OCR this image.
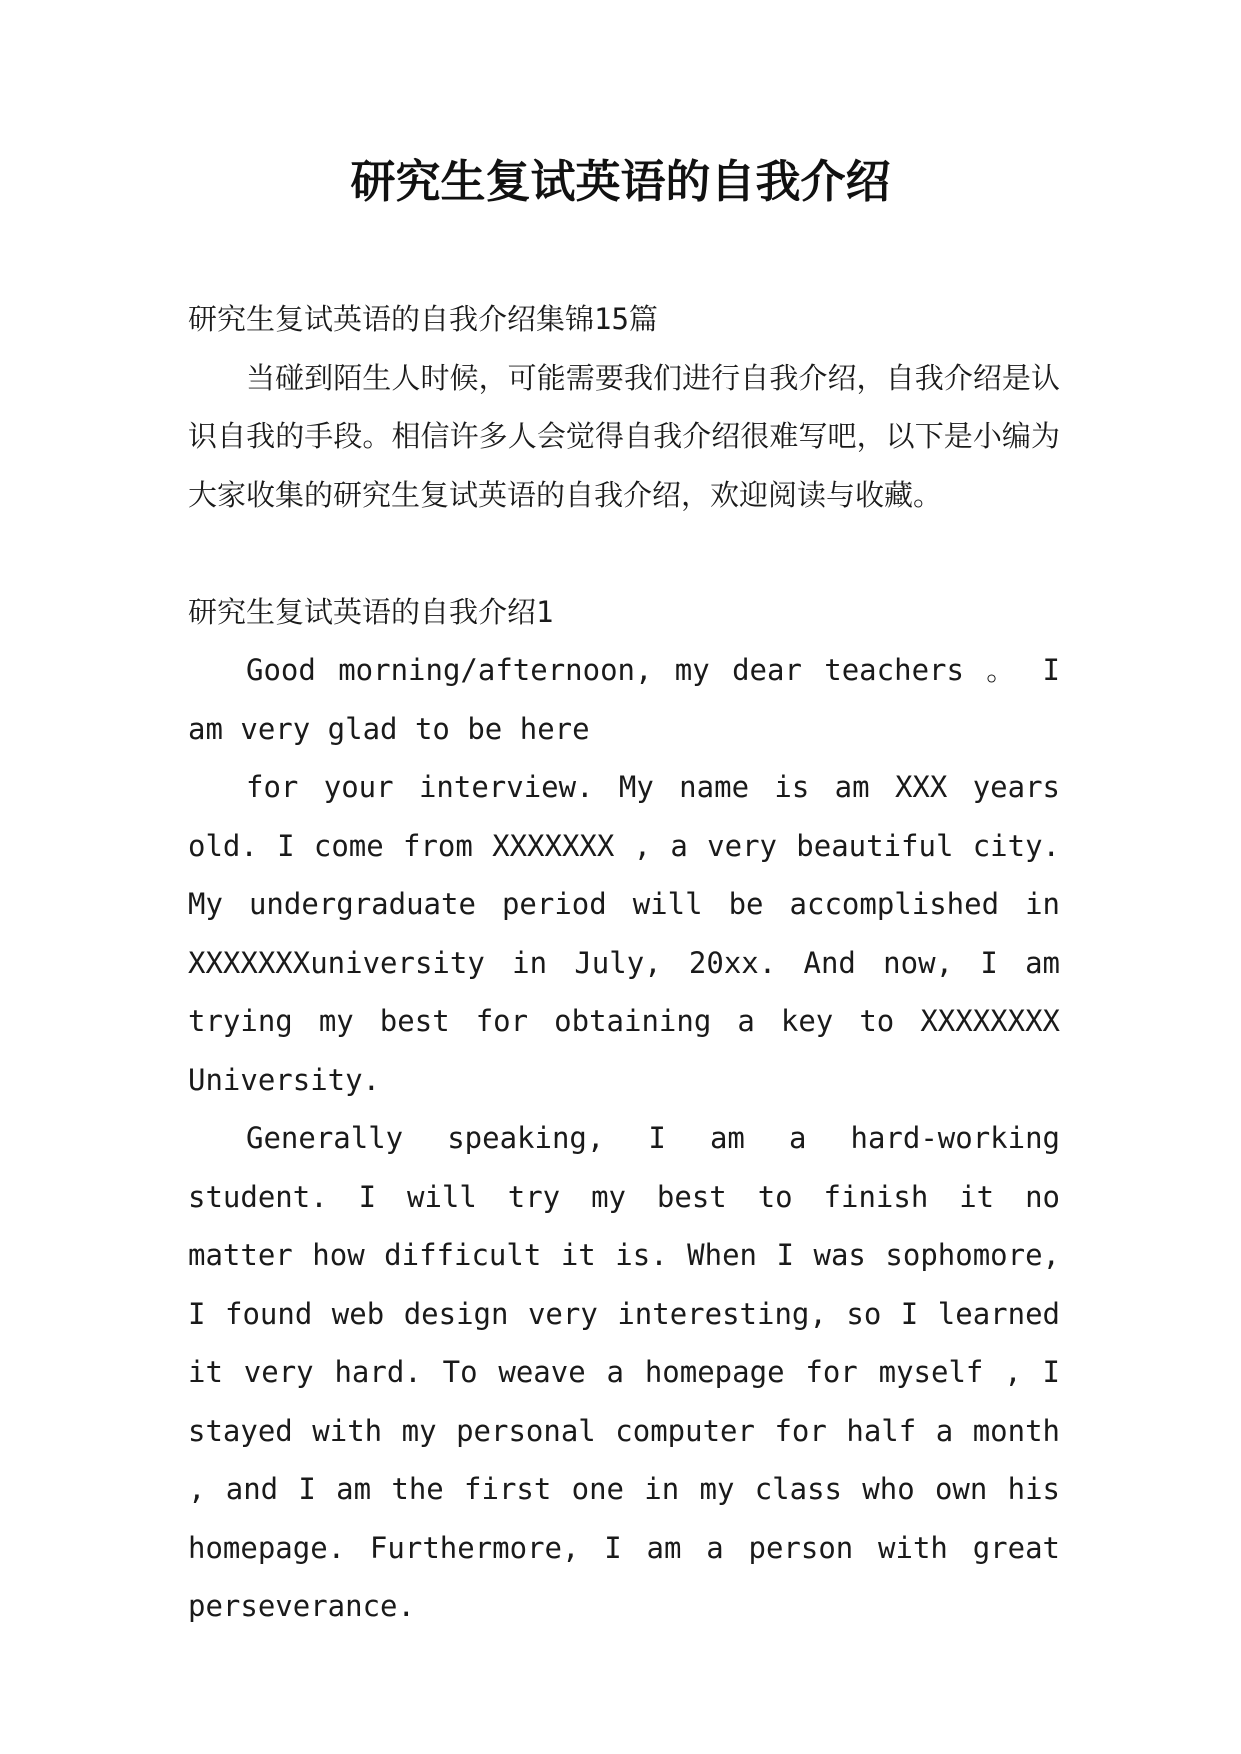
研究生复试英语的自我介绍

研究生复试英语的自我介绍集锦15篇

当碰到陌生人时候，可能需要我们进行自我介绍，自我介绍是认识自我的手段。相信许多人会觉得自我介绍很难写吧，以下是小编为大家收集的研究生复试英语的自我介绍，欢迎阅读与收藏。

研究生复试英语的自我介绍1

Good morning/afternoon, my dear teachers 。 I am very glad to be here

for your interview. My name is am XXX years old. I come from XXXXXXX , a very beautiful city. My undergraduate period will be accomplished in XXXXXXXuniversity in July, 20xx. And now, I am trying my best for obtaining a key to XXXXXXXX University.

Generally speaking, I am a hard-working student. I will try my best to finish it no matter how difficult it is. When I was sophomore, I found web design very interesting, so I learned it very hard. To weave a homepage for myself , I stayed with my personal computer for half a month , and I am the first one in my class who own his homepage. Furthermore, I am a person with great perseverance.
